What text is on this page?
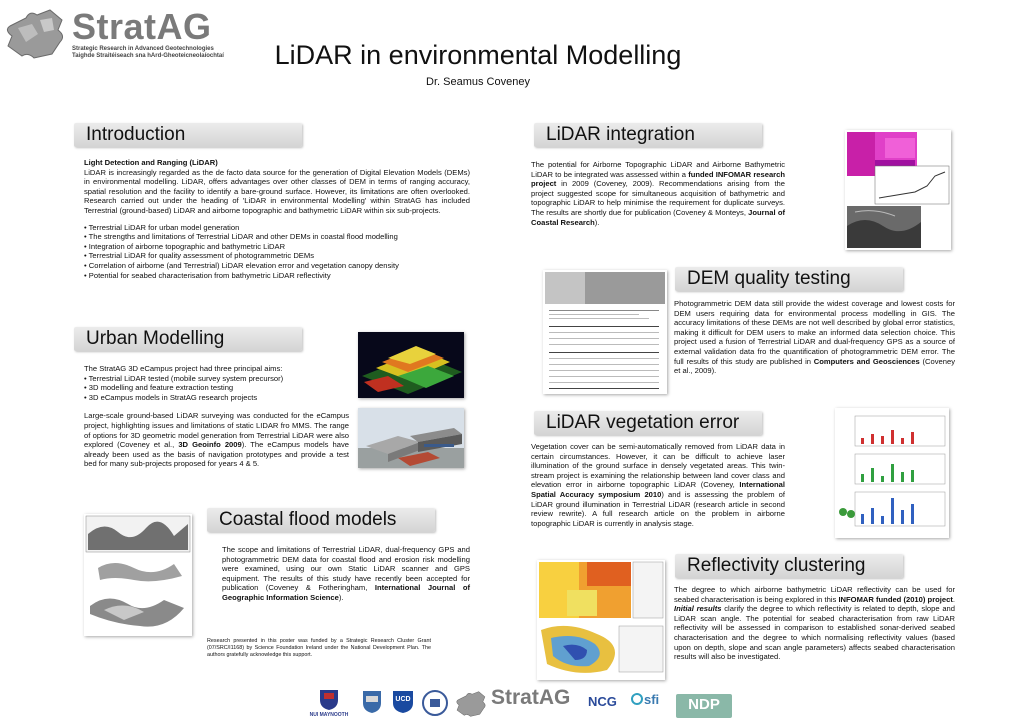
StratAG
Strategic Research in Advanced Geotechnologies
Taighde Straitéiseach sna hArd-Gheoteicneolaíochtaí	LiDAR in environmental Modelling
Dr. Seamus Coveney
Introduction
Light Detection and Ranging (LiDAR)

LiDAR is increasingly regarded as the de facto data source for the generation of Digital Elevation Models (DEMs) in environmental modelling. LiDAR, offers advantages over other classes of DEM in terms of ranging accuracy, spatial resolution and the facility to identify a bare-ground surface. However, its limitations are often overlooked. Research carried out under the heading of 'LiDAR in environmental Modelling' within StratAG has included Terrestrial (ground-based) LiDAR and airborne topographic and bathymetric LiDAR within six sub-projects.

• Terrestrial LiDAR for urban model generation
• The strengths and limitations of Terrestrial LiDAR and other DEMs in coastal flood modelling
• Integration of airborne topographic and bathymetric LiDAR
• Terrestrial LiDAR for quality assessment of photogrammetric DEMs
• Correlation of airborne (and Terrestrial) LiDAR elevation error and vegetation canopy density
• Potential for seabed characterisation from bathymetric LiDAR reflectivity
Urban Modelling
The StratAG 3D eCampus project had three principal aims:
• Terrestrial LiDAR tested (mobile survey system precursor)
• 3D modelling and feature extraction testing
• 3D eCampus models in StratAG research projects

Large-scale ground-based LiDAR surveying was conducted for the eCampus project, highlighting issues and limitations of static LIDAR fro MMS. The range of options for 3D geometric model generation from Terrestrial LiDAR were also explored (Coveney et al., 3D Geoinfo 2009). The eCampus models have already been used as the basis of navigation prototypes and provide a test bed for many sub-projects proposed for years 4 & 5.

Coastal flood models

The scope and limitations of Terrestrial LiDAR, dual-frequency GPS and photogrammetric DEM data for coastal flood and erosion risk modelling were examined, using our own Static LiDAR scanner and GPS equipment. The results of this study have recently been accepted for publication (Coveney & Fotheringham, International Journal of Geographic Information Science).

Research presented in this poster was funded by a Strategic Research Cluster Grant (07/SRC/I1168) by Science Foundation Ireland under the National Development Plan. The authors gratefully acknowledge this support.
LiDAR integration

The potential for Airborne Topographic LiDAR and Airborne Bathymetric LiDAR to be integrated was assessed within a funded INFOMAR research project in 2009 (Coveney, 2009). Recommendations arising from the project suggested scope for simultaneous acquisition of bathymetric and topographic LiDAR to help minimise the requirement for duplicate surveys. The results are shortly due for publication (Coveney & Monteys, Journal of Coastal Research).

DEM quality testing

Photogrammetric DEM data still provide the widest coverage and lowest costs for DEM users requiring data for environmental process modelling in GIS. The accuracy limitations of these DEMs are not well described by global error statistics, making it difficult for DEM users to make an informed data selection choice. This project used a fusion of Terrestrial LiDAR and dual-frequency GPS as a source of external validation data fro the quantification of photogrammetric DEM error. The full results of this study are published in Computers and Geosciences (Coveney et al., 2009).

LiDAR vegetation error

Vegetation cover can be semi-automatically removed from LiDAR data in certain circumstances. However, it can be difficult to achieve laser illumination of the ground surface in densely vegetated areas. This twin-stream project is examining the relationship between land cover class and elevation error in airborne topographic LiDAR (Coveney, International Spatial Accuracy symposium 2010) and is assessing the problem of LiDAR ground illumination in Terrestrial LiDAR (research article in second review rewrite). A full research article on the problem in airborne topographic LiDAR is currently in analysis stage.

Reflectivity clustering

The degree to which airborne bathymetric LiDAR reflectivity can be used for seabed characterisation is being explored in this INFOMAR funded (2010) project. Initial results clarify the degree to which reflectivity is related to depth, slope and LiDAR scan angle. The potential for seabed characterisation from raw LiDAR reflectivity will be assessed in comparison to established sonar-derived seabed characterisation and the degree to which normalising reflectivity values (based upon on depth, slope and scan angle parameters) affects seabed characterisation results will also be investigated.

NUI MAYNOOTH
UCD	StratAG NCG	sfi	NDP
